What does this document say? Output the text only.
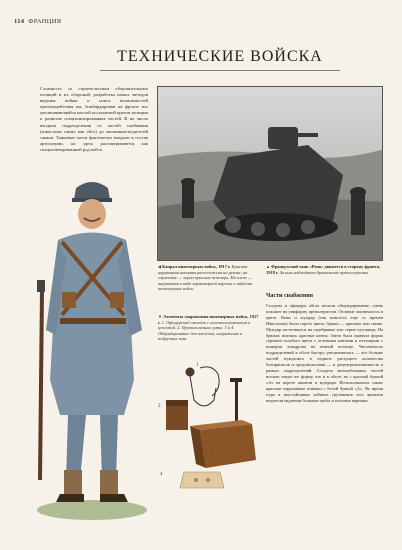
114 ФРАНЦИЯ
ТЕХНИЧЕСКИЕ ВОЙСКА

Сложность со строительством оборонительных позиций и их обороной, разработка новых методов ведения войны и поиск возможностей противодействия им, бомбардировки на фронте все увеличивающейся массой посылаемой врагом позиции и развитие специализированных частей. В их число входили подразделения от частей снабжения (известные также как обоз) до механиков-водителей танков. Танковые части фактически входили в состав артиллерии, но здесь рассматриваются как специализированный род войск.

◀Капрал инженерных войск, 1917 г. Красная нарукавная нашивка расположена на рукаве, на горжетке — черно-красные петлицы. На плече — нарукавник в виде характерной нарезки и эмблема инженерных войск.

▼Элементы снаряжения инженерных войск, 1917 г. 1. Офицерский свисток с колечком-ремешком и цепочкой. 2. Противогазная сумка. 3 и 4. Обмундирование для заклёпок, снаряжение и подручные ими.

▲Французский танк «Рено» движется в сторону фронта, 1918 г. За ним наблюдают британские артиллеристы.

Части снабжения

Солдаты и офицеры обоза носили обмундирование, очень похожее на униформу артиллеристов. Отличие заключалось в цвете. Кепи и мундир (так повелось еще со времен Наполеона) были серого цвета, брюки — красные или синие. Мундир застегивался на серебряные или серые пуговицы. На брюках имелись красные канты. Затем была принята форма серовато-голубого цвета с зелеными кантами и петлицами с номером эскадрона на земной петлице. Численность подразделений в обозе быстро увеличивалась — все больше частей нуждались в подвозе растущего количества боеприпасов и продовольствия — и децентрализованность в рамках подразделений. Солдаты автомобильных частей носили такую же форму, что и в обозе, но с красной буквой «А» на вороте шинели и мундира. Использовались также красные нарукавные повязки с белой буквой «А». Во время езды в неустойчивых кабинах грузовиков того времени водители надевали большие шубы и плотные варежки.

2
1
3
4
